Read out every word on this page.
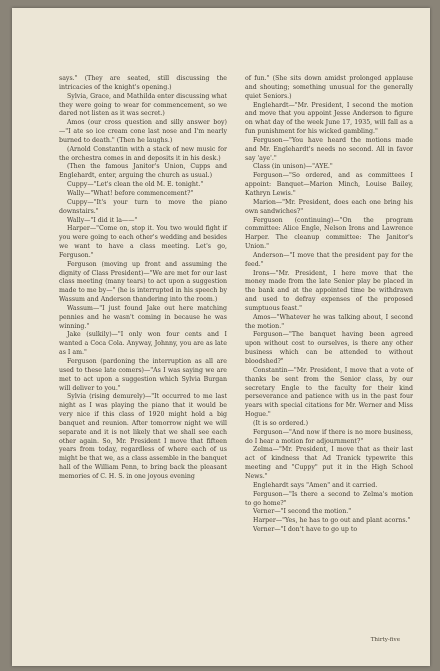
says." (They are seated, still discussing the intricacies of the knight's opening.)

Sylvia, Grace, and Mathilda enter discussing what they were going to wear for commencement, so we dared not listen as it was secret.)

Amos (our cross question and silly answer boy)—"I ate so ice cream cone last nose and I'm nearly burned to death." (Then he laughs.)

(Arnold Constantin with a stack of new music for the orchestra comes in and deposits it in his desk.)

(Then the famous Janitor's Union, Cupps and Englehardt, enter, arguing the church as usual.)

Cuppy—"Let's clean the old M. E. tonight."

Wally—"What! before commencement?"

Cuppy—"It's your turn to move the piano downstairs."

Wally—"I did it la——"

Harper—"Come on, stop it. You two would fight if you were going to each other's wedding and besides we want to have a class meeting. Let's go, Ferguson."

Ferguson (moving up front and assuming the dignity of Class President)—"We are met for our last class meeting (many tears) to act upon a suggestion made to me by—" (he is interrupted in his speech by Wassum and Anderson thandering into the room.)

Wassum—"I just found Jake out here matching pennies and he wasn't coming in because he was winning."

Jake (sulkily)—"I only won four cents and I wanted a Coca Cola. Anyway, Johnny, you are as late as I am."

Ferguson (pardoning the interruption as all are used to these late comers)—"As I was saying we are met to act upon a suggestion which Sylvia Burgan will deliver to you."

Sylvia (rising demurely)—"It occurred to me last night as I was playing the piano that it would be very nice if this class of 1920 might hold a big banquet and reunion. After tomorrow night we will separate and it is not likely that we shall see each other again. So, Mr. President I move that fifteen years from today, regardless of where each of us might be that we, as a class assemble in the banquet hall of the William Penn, to bring back the pleasant memories of C. H. S. in one joyous evening

of fun." (She sits down amidst prolonged applause and shouting; something unusual for the generally quiet Seniors.)

Englehardt—"Mr. President, I second the motion and move that you appoint Jesse Anderson to figure on what day of the week June 17, 1935, will fall as a fun punishment for his wicked gambling."

Ferguson—"You have heard the motions made and Mr. Englehardt's needs no second. All in favor say 'aye'."

Class (in unison)—"AYE."

Ferguson—"So ordered, and as committees I appoint: Banquet—Marion Minch, Louise Bailey, Kathryn Lewis."

Marion—"Mr. President, does each one bring his own sandwiches?"

Ferguson (continuing)—"On the program committee: Alice Engle, Nelson Irons and Lawrence Harper. The cleanup committee: The Janitor's Union."

Anderson—"I move that the president pay for the feed."

Irons—"Mr. President, I here move that the money made from the late Senior play be placed in the bank and at the appointed time be withdrawn and used to defray expenses of the proposed sumptuous feast."

Amos—"Whatever he was talking about, I second the motion."

Ferguson—"The banquet having been agreed upon without cost to ourselves, is there any other business which can be attended to without bloodshed?"

Constantin—"Mr. President, I move that a vote of thanks be sent from the Senior class, by our secretary Engle to the faculty for their kind perseverance and patience with us in the past four years with special citations for Mr. Werner and Miss Hogue."

(It is so ordered.)

Ferguson—"And now if there is no more business, do I hear a motion for adjournment?"

Zelma—"Mr. President, I move that as their last act of kindness that Ad Tranick typewrite this meeting and "Cuppy" put it in the High School News."

Englehardt says "Amen" and it carried.

Ferguson—"Is there a second to Zelma's motion to go home?"

Verner—"I second the motion."

Harper—"Yes, he has to go out and plant acorns."

Verner—"I don't have to go up to

Thirty-five
